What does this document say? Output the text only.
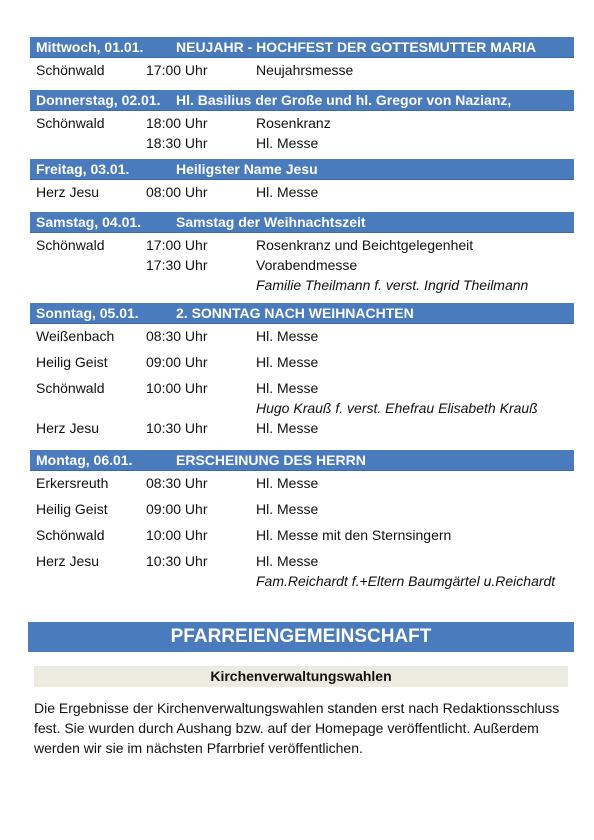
Mittwoch, 01.01. NEUJAHR - HOCHFEST DER GOTTESMUTTER MARIA
Schönwald	17:00 Uhr	Neujahrsmesse
Donnerstag, 02.01. Hl. Basilius der Große und hl. Gregor von Nazianz,
Schönwald	18:00 Uhr	Rosenkranz
18:30 Uhr	Hl. Messe
Freitag, 03.01.	Heiligster Name Jesu
Herz Jesu	08:00 Uhr	Hl. Messe
Samstag, 04.01. Samstag der Weihnachtszeit
Schönwald	17:00 Uhr	Rosenkranz und Beichtgelegenheit
17:30 Uhr	Vorabendmesse
Familie Theilmann f. verst. Ingrid Theilmann
Sonntag, 05.01.	2. SONNTAG NACH WEIHNACHTEN
Weißenbach 08:30 Uhr	Hl. Messe
Heilig Geist	09:00 Uhr	Hl. Messe
Schönwald	10:00 Uhr	Hl. Messe
Hugo Krauß f. verst. Ehefrau Elisabeth Krauß
Herz Jesu	10:30 Uhr	Hl. Messe
Montag, 06.01.	ERSCHEINUNG DES HERRN
Erkersreuth	08:30 Uhr	Hl. Messe
Heilig Geist	09:00 Uhr	Hl. Messe
Schönwald	10:00 Uhr	Hl. Messe mit den Sternsingern
Herz Jesu	10:30 Uhr	Hl. Messe
Fam.Reichardt f.+Eltern Baumgärtel u.Reichardt
PFARREIENGEMEINSCHAFT
Kirchenverwaltungswahlen
Die Ergebnisse der Kirchenverwaltungswahlen standen erst nach Redaktionsschluss fest. Sie wurden durch Aushang bzw. auf der Homepage veröffentlicht. Außerdem werden wir sie im nächsten Pfarrbrief veröffentlichen.
